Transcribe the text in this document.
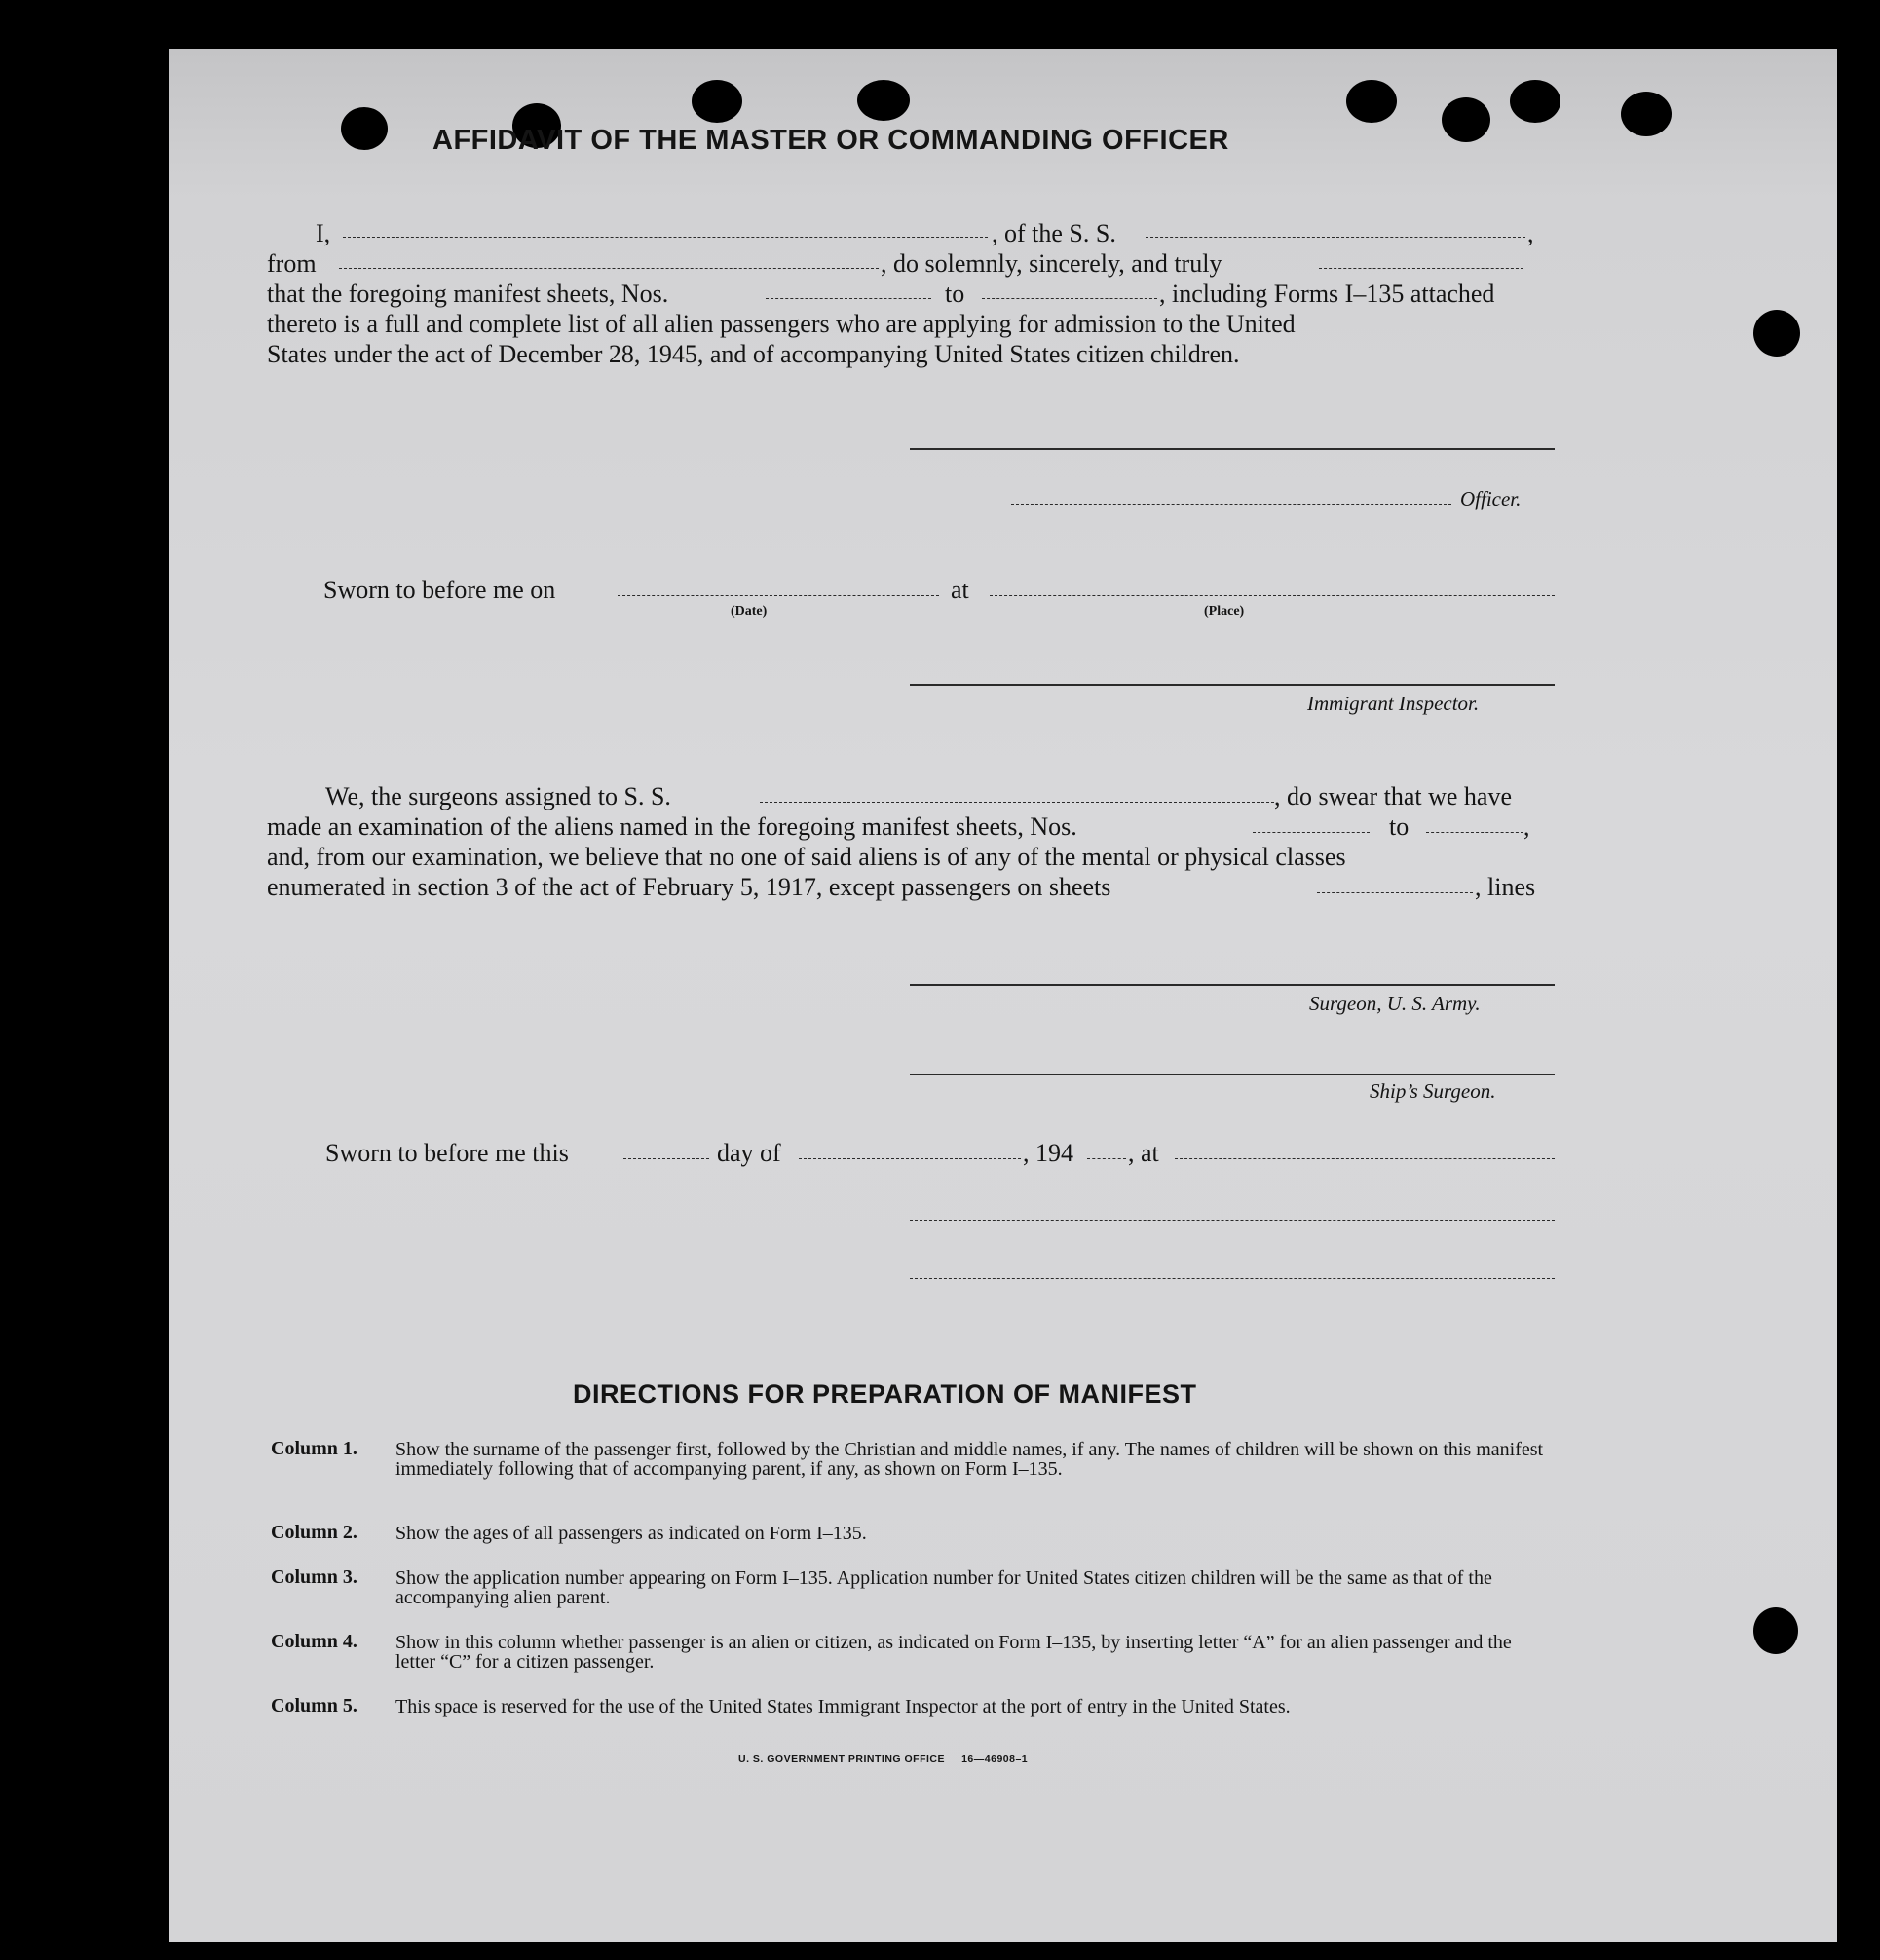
AFFIDAVIT OF THE MASTER OR COMMANDING OFFICER
I,	, of the S. S.	,
from	, do solemnly, sincerely, and truly
that the foregoing manifest sheets, Nos.	to	, including Forms I–135 attached
thereto is a full and complete list of all alien passengers who are applying for admission to the United
States under the act of December 28, 1945, and of accompanying United States citizen children.
Officer.
Sworn to before me on
(Date)
at
(Place)
Immigrant Inspector.
We, the surgeons assigned to S. S.	, do swear that we have
made an examination of the aliens named in the foregoing manifest sheets, Nos.	to	,
and, from our examination, we believe that no one of said aliens is of any of the mental or physical classes
enumerated in section 3 of the act of February 5, 1917, except passengers on sheets	, lines
Surgeon, U. S. Army.
Ship’s Surgeon.
Sworn to before me this	day of	, 194 , at
DIRECTIONS FOR PREPARATION OF MANIFEST
Column 1. Show the surname of the passenger first, followed by the Christian and middle names, if any. The names of children will be shown on this manifest immediately following that of accompanying parent, if any, as shown on Form I–135.
Column 2. Show the ages of all passengers as indicated on Form I–135.
Column 3. Show the application number appearing on Form I–135. Application number for United States citizen children will be the same as that of the accompanying alien parent.
Column 4. Show in this column whether passenger is an alien or citizen, as indicated on Form I–135, by inserting letter “A” for an alien passenger and the letter “C” for a citizen passenger.
Column 5. This space is reserved for the use of the United States Immigrant Inspector at the port of entry in the United States.
U. S. GOVERNMENT PRINTING OFFICE     16—46908–1
